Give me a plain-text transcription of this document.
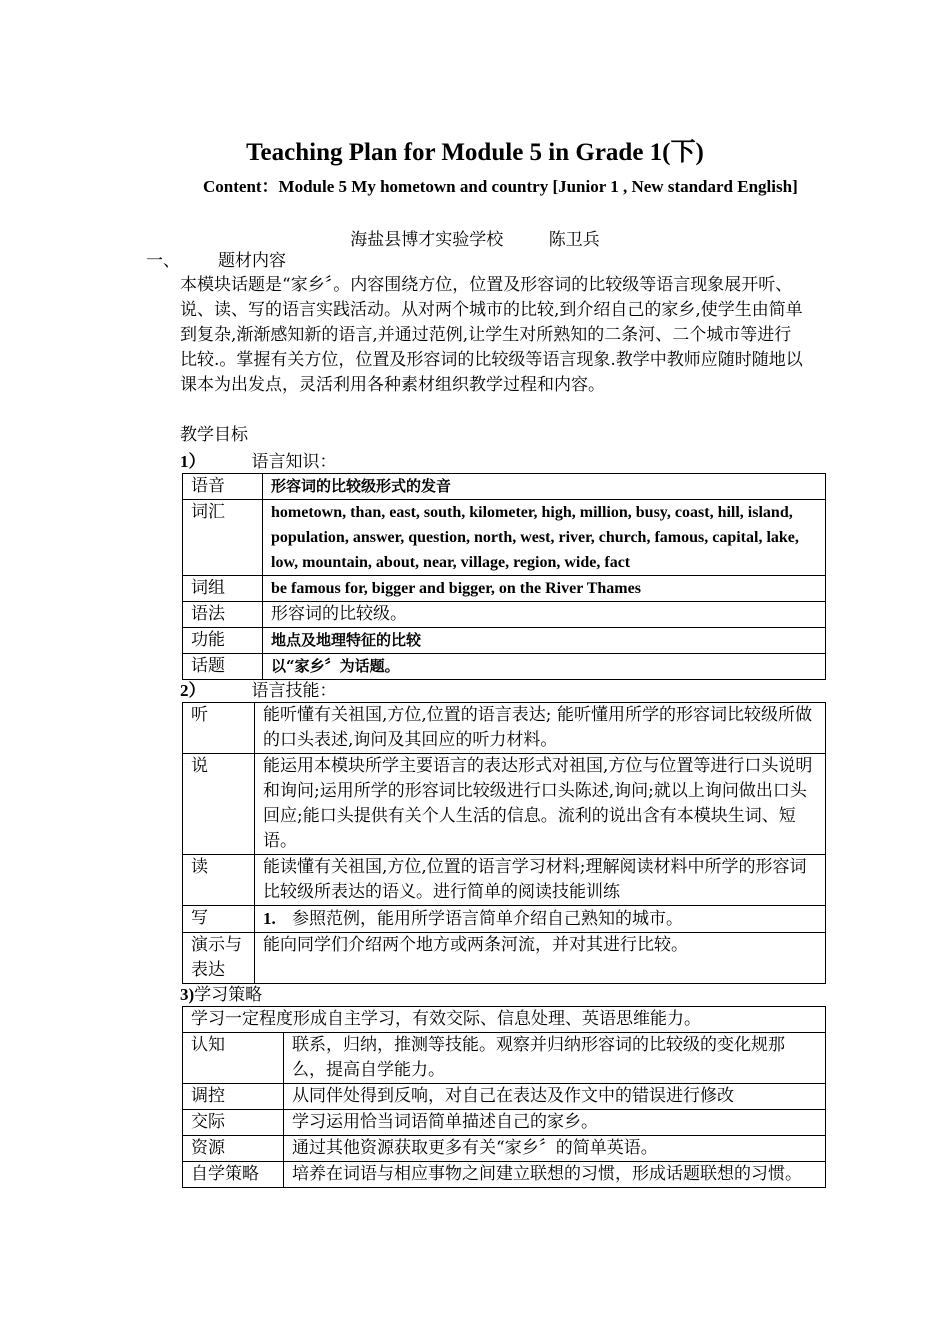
Teaching Plan for Module 5 in Grade 1(下)
Content：Module 5 My hometown and country [Junior 1 , New standard English]
海盐县博才实验学校	陈卫兵
一、 题材内容
本模块话题是“家乡〞。内容围绕方位，位置及形容词的比较级等语言现象展开听、说、读、写的语言实践活动。从对两个城市的比较,到介绍自己的家乡,使学生由简单到复杂,渐渐感知新的语言,并通过范例,让学生对所熟知的二条河、二个城市等进行比较.。掌握有关方位，位置及形容词的比较级等语言现象.教学中教师应随时随地以课本为出发点，灵活利用各种素材组织教学过程和内容。
教学目标
1）	语言知识：
语音	形容词的比较级形式的发音
词汇	hometown, than, east, south, kilometer, high, million, busy, coast, hill, island, population, answer, question, north, west, river, church, famous, capital, lake, low, mountain, about, near, village, region, wide, fact
词组	be famous for, bigger and bigger, on the River Thames
语法	形容词的比较级。
功能	地点及地理特征的比较
话题	以“家乡〞为话题。
2）	语言技能：
听	能听懂有关祖国,方位,位置的语言表达; 能听懂用所学的形容词比较级所做的口头表述,询问及其回应的听力材料。
说	能运用本模块所学主要语言的表达形式对祖国,方位与位置等进行口头说明和询问;运用所学的形容词比较级进行口头陈述,询问;就以上询问做出口头回应;能口头提供有关个人生活的信息。流利的说出含有本模块生词、短语。
读	能读懂有关祖国,方位,位置的语言学习材料;理解阅读材料中所学的形容词比较级所表达的语义。进行简单的阅读技能训练
写	1. 参照范例，能用所学语言简单介绍自己熟知的城市。
演示与表达	能向同学们介绍两个地方或两条河流，并对其进行比较。
3)学习策略
学习一定程度形成自主学习，有效交际、信息处理、英语思维能力。	
认知	联系，归纳，推测等技能。观察并归纳形容词的比较级的变化规那么，提高自学能力。
调控	从同伴处得到反响，对自己在表达及作文中的错误进行修改
交际	学习运用恰当词语简单描述自己的家乡。
资源	通过其他资源获取更多有关“家乡〞的简单英语。
自学策略	培养在词语与相应事物之间建立联想的习惯，形成话题联想的习惯。
